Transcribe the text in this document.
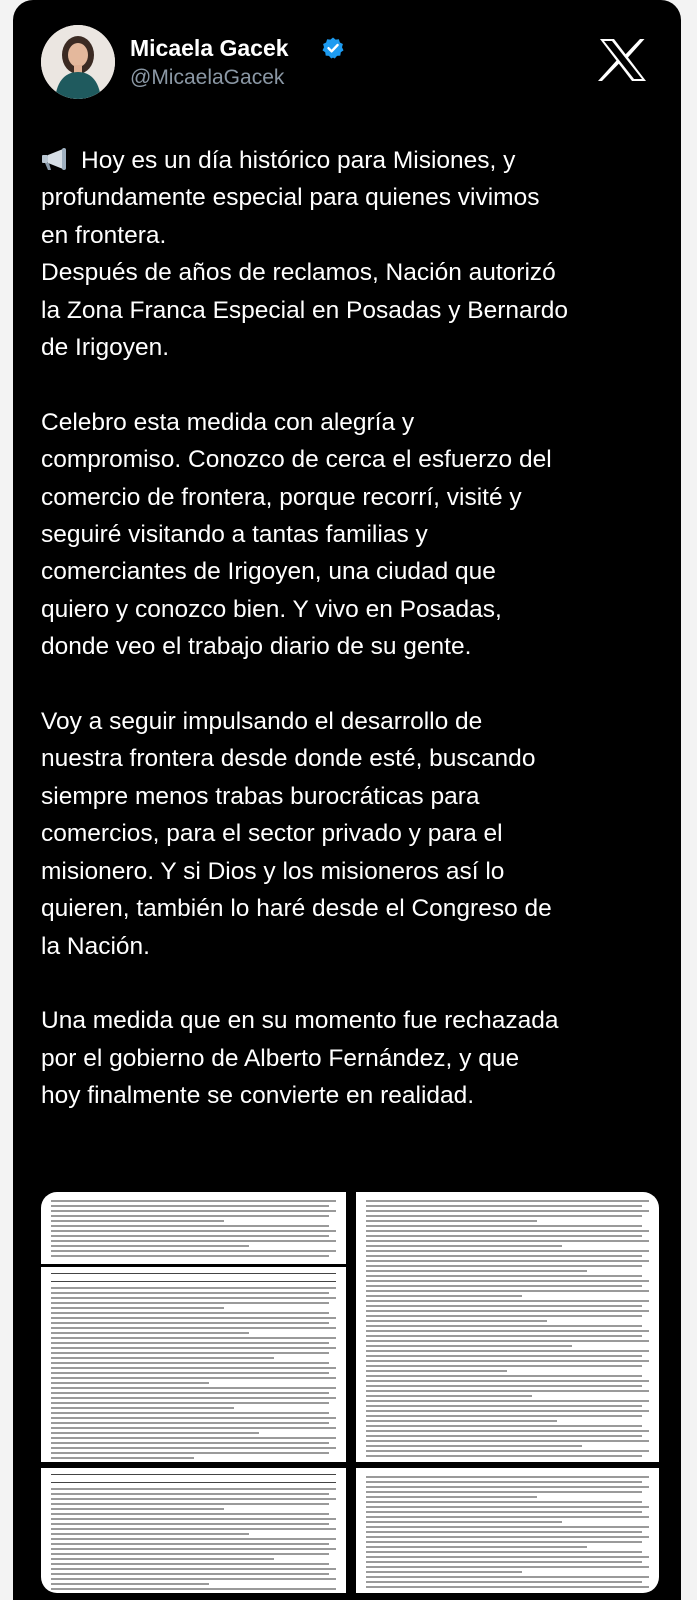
Micaela Gacek
@MicaelaGacek

Hoy es un día histórico para Misiones, y

profundamente especial para quienes vivimos

en frontera.

Después de años de reclamos, Nación autorizó

la Zona Franca Especial en Posadas y Bernardo

de Irigoyen.

Celebro esta medida con alegría y

compromiso. Conozco de cerca el esfuerzo del

comercio de frontera, porque recorrí, visité y

seguiré visitando a tantas familias y

comerciantes de Irigoyen, una ciudad que

quiero y conozco bien. Y vivo en Posadas,

donde veo el trabajo diario de su gente.

Voy a seguir impulsando el desarrollo de

nuestra frontera desde donde esté, buscando

siempre menos trabas burocráticas para

comercios, para el sector privado y para el

misionero. Y si Dios y los misioneros así lo

quieren, también lo haré desde el Congreso de

la Nación.

Una medida que en su momento fue rechazada

por el gobierno de Alberto Fernández, y que

hoy finalmente se convierte en realidad.
